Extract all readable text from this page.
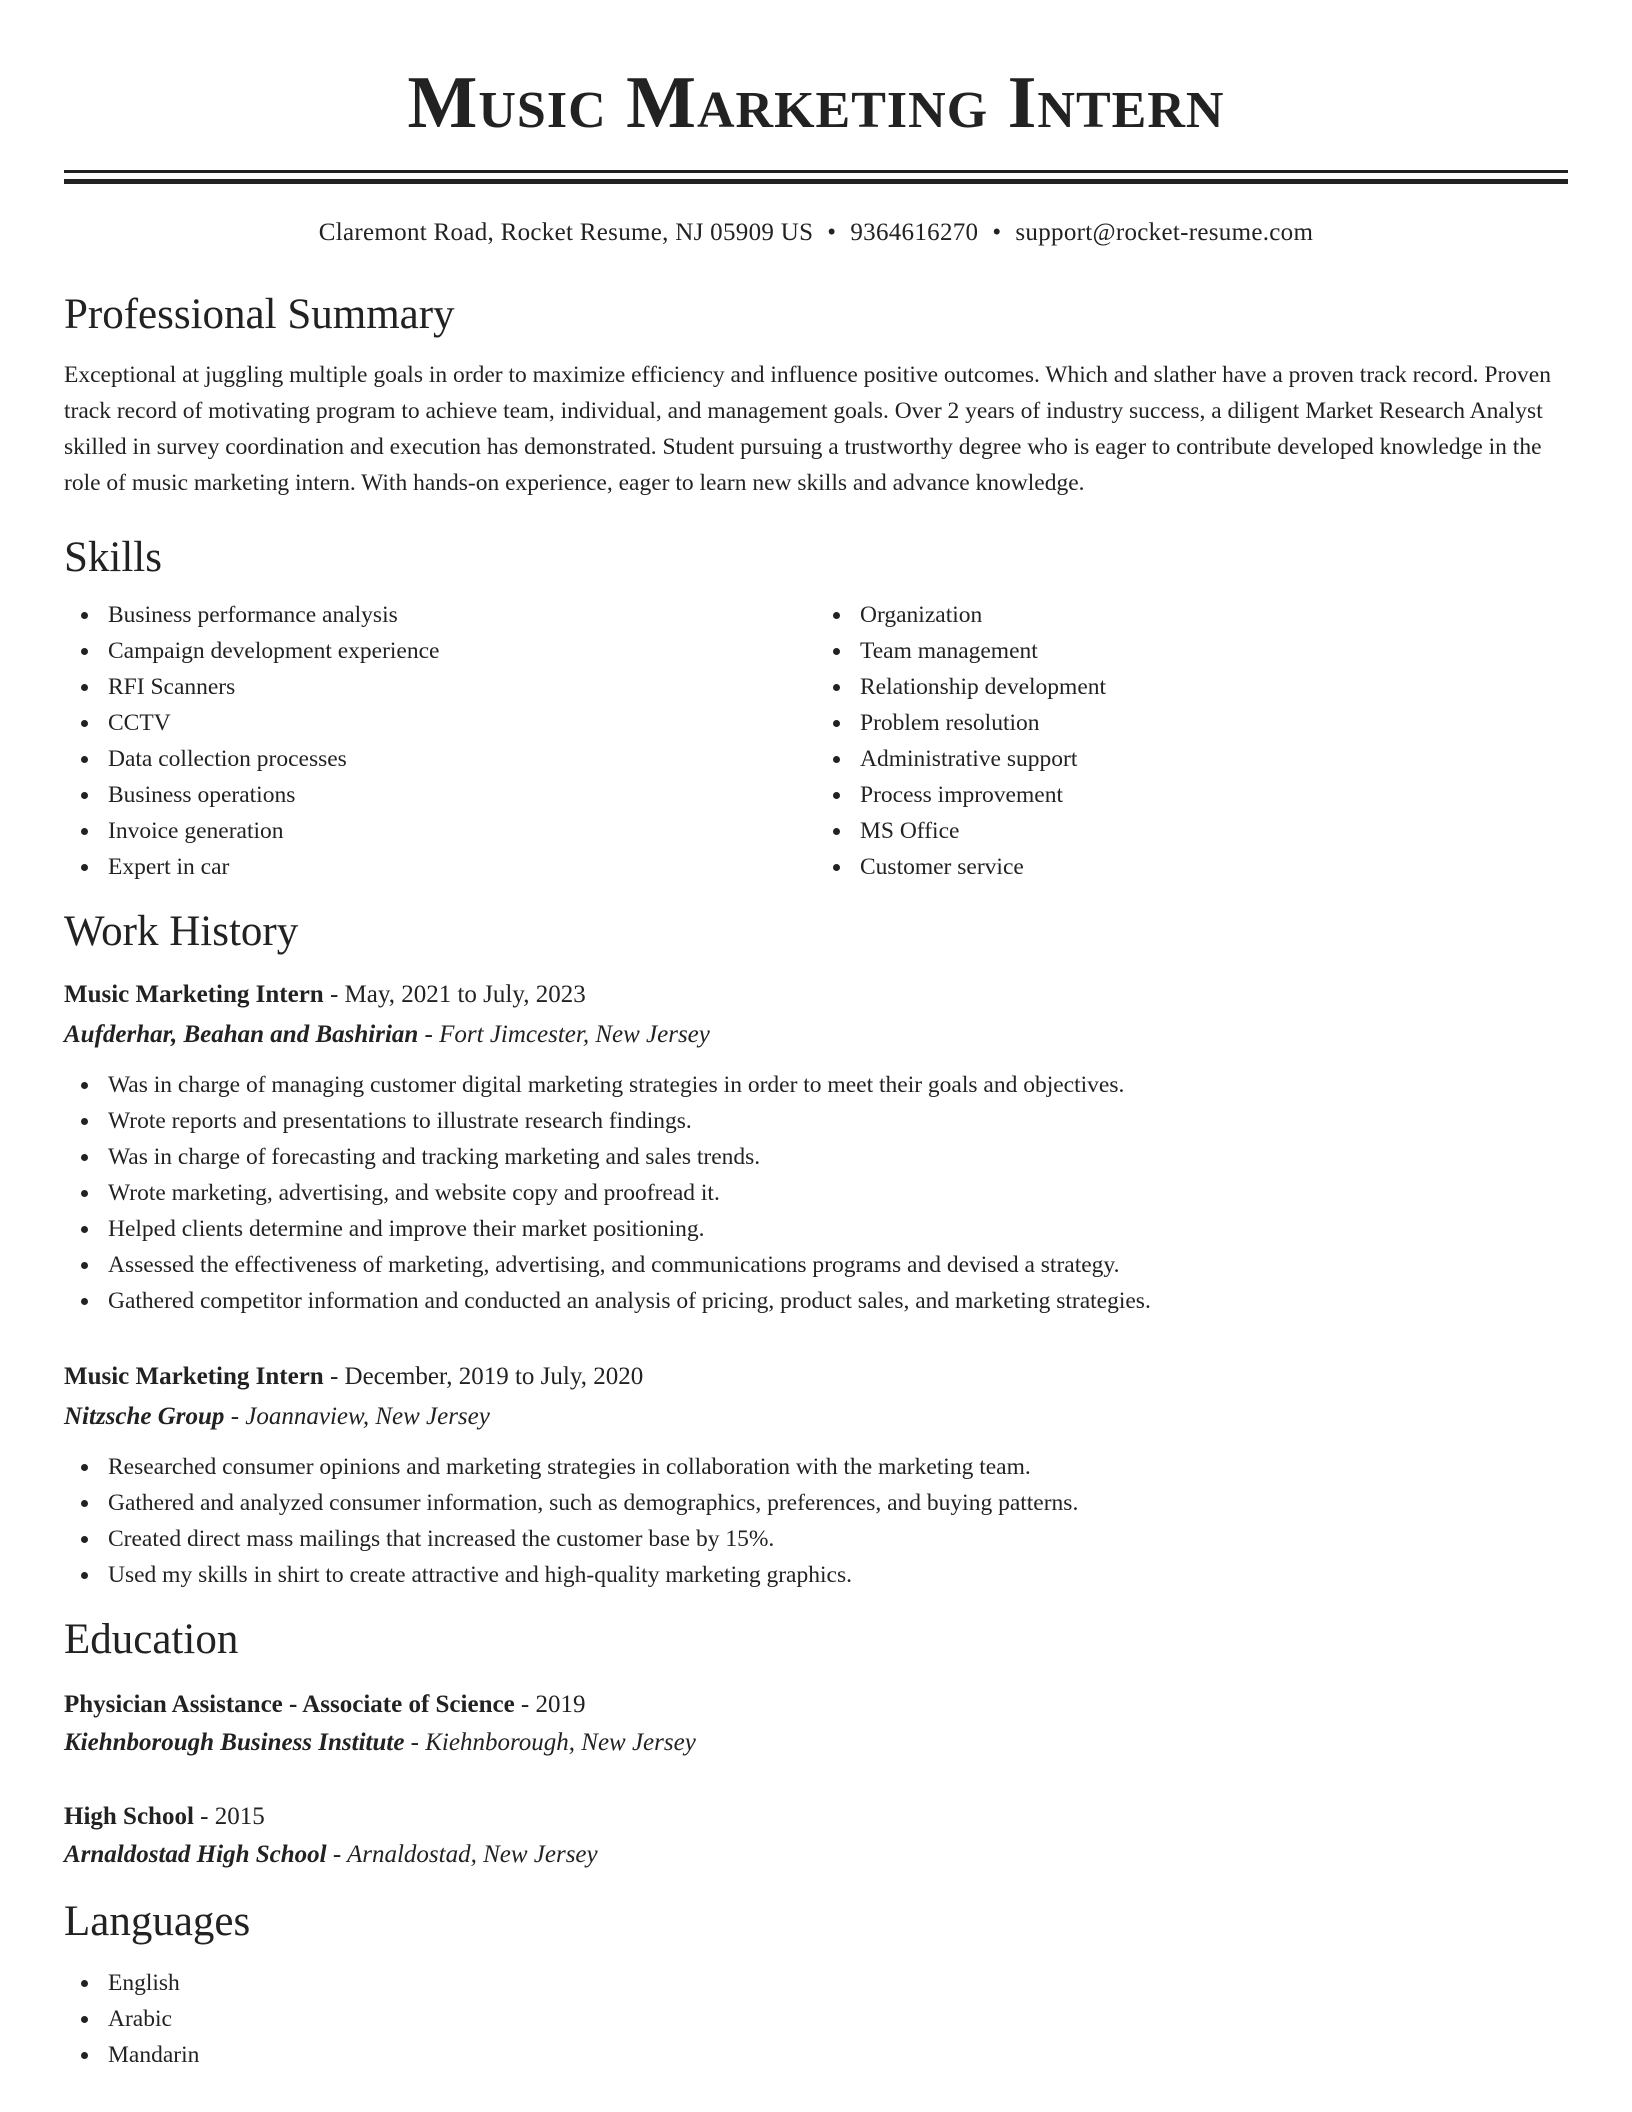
Music Marketing Intern
Claremont Road, Rocket Resume, NJ 05909 US • 9364616270 • support@rocket-resume.com
Professional Summary

Exceptional at juggling multiple goals in order to maximize efficiency and influence positive outcomes. Which and slather have a proven track record. Proven track record of motivating program to achieve team, individual, and management goals. Over 2 years of industry success, a diligent Market Research Analyst skilled in survey coordination and execution has demonstrated. Student pursuing a trustworthy degree who is eager to contribute developed knowledge in the role of music marketing intern. With hands-on experience, eager to learn new skills and advance knowledge.

Skills
Business performance analysis
Campaign development experience
RFI Scanners
CCTV
Data collection processes
Business operations
Invoice generation
Expert in car
Organization
Team management
Relationship development
Problem resolution
Administrative support
Process improvement
MS Office
Customer service
Work History
Music Marketing Intern - May, 2021 to July, 2023
Aufderhar, Beahan and Bashirian - Fort Jimcester, New Jersey
Was in charge of managing customer digital marketing strategies in order to meet their goals and objectives.
Wrote reports and presentations to illustrate research findings.
Was in charge of forecasting and tracking marketing and sales trends.
Wrote marketing, advertising, and website copy and proofread it.
Helped clients determine and improve their market positioning.
Assessed the effectiveness of marketing, advertising, and communications programs and devised a strategy.
Gathered competitor information and conducted an analysis of pricing, product sales, and marketing strategies.
Music Marketing Intern - December, 2019 to July, 2020
Nitzsche Group - Joannaview, New Jersey
Researched consumer opinions and marketing strategies in collaboration with the marketing team.
Gathered and analyzed consumer information, such as demographics, preferences, and buying patterns.
Created direct mass mailings that increased the customer base by 15%.
Used my skills in shirt to create attractive and high-quality marketing graphics.
Education
Physician Assistance - Associate of Science - 2019
Kiehnborough Business Institute - Kiehnborough, New Jersey
High School - 2015
Arnaldostad High School - Arnaldostad, New Jersey
Languages
English
Arabic
Mandarin
